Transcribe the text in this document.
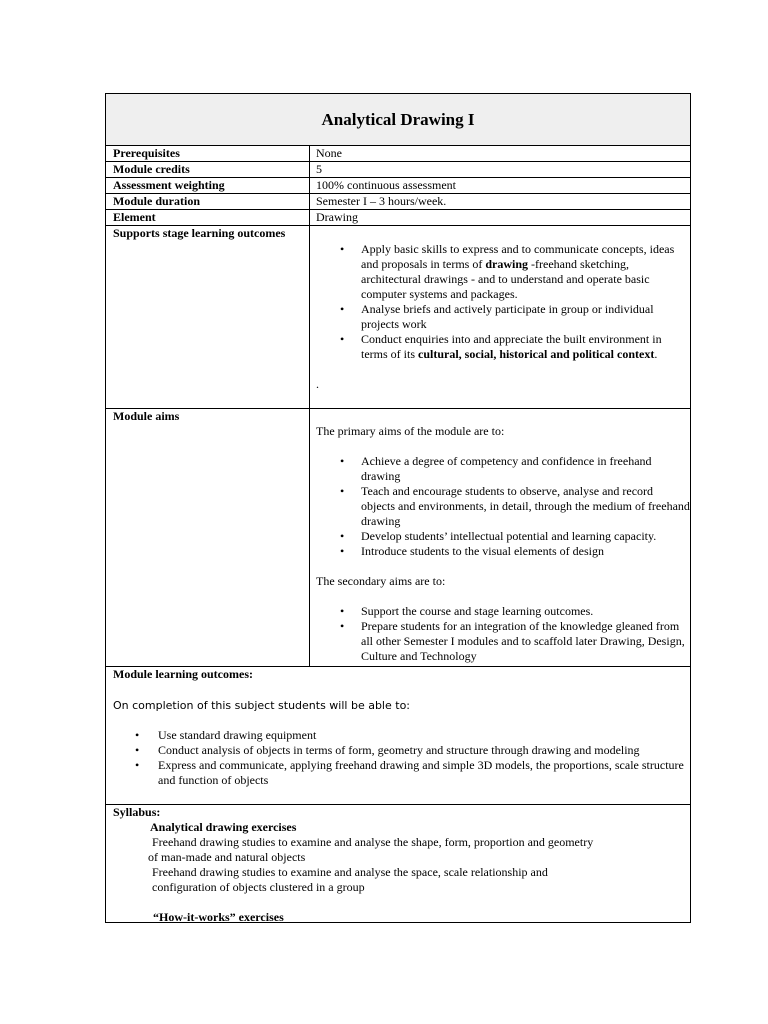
Analytical Drawing I
Prerequisites	None
Module credits	5
Assessment weighting	100% continuous assessment
Module duration	Semester I – 3 hours/week.
Element	Drawing
Supports stage learning outcomes
• Apply basic skills to express and to communicate concepts, ideas and proposals in terms of drawing -freehand sketching, architectural drawings - and to understand and operate basic computer systems and packages.
• Analyse briefs and actively participate in group or individual projects work
• Conduct enquiries into and appreciate the built environment in terms of its cultural, social, historical and political context.
.
Module aims
The primary aims of the module are to:
• Achieve a degree of competency and confidence in freehand drawing
• Teach and encourage students to observe, analyse and record objects and environments, in detail, through the medium of freehand drawing
• Develop students’ intellectual potential and learning capacity.
• Introduce students to the visual elements of design
The secondary aims are to:
• Support the course and stage learning outcomes.
• Prepare students for an integration of the knowledge gleaned from all other Semester I modules and to scaffold later Drawing, Design, Culture and Technology
Module learning outcomes:
On completion of this subject students will be able to:
• Use standard drawing equipment
• Conduct analysis of objects in terms of form, geometry and structure through drawing and modeling
• Express and communicate, applying freehand drawing and simple 3D models, the proportions, scale structure and function of objects
Syllabus:
Analytical drawing exercises
Freehand drawing studies to examine and analyse the shape, form, proportion and geometry
of man-made and natural objects
Freehand drawing studies to examine and analyse the space, scale relationship and
configuration of objects clustered in a group
“How-it-works” exercises
